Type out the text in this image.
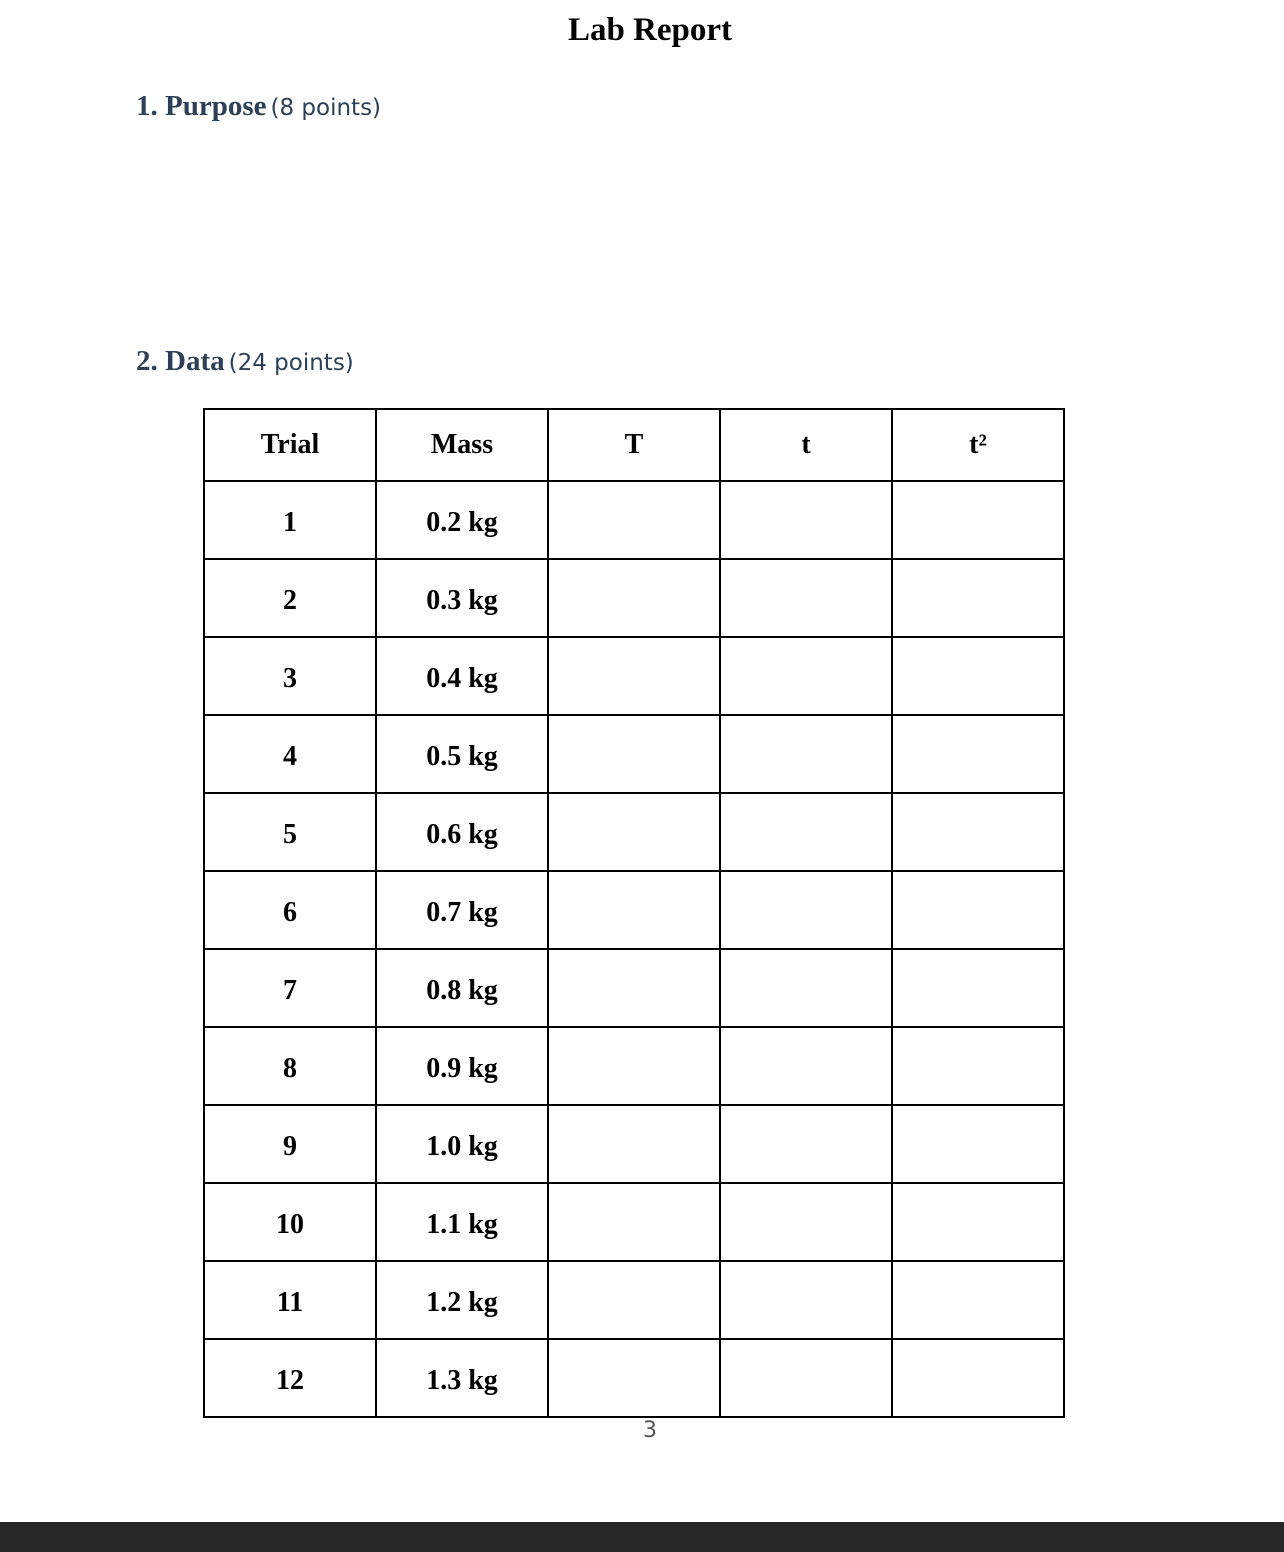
Lab Report
1. Purpose (8 points)
2. Data (24 points)
Trial	Mass	T	t	t²
1	0.2 kg			
2	0.3 kg			
3	0.4 kg			
4	0.5 kg			
5	0.6 kg			
6	0.7 kg			
7	0.8 kg			
8	0.9 kg			
9	1.0 kg			
10	1.1 kg			
11	1.2 kg			
12	1.3 kg			
3
